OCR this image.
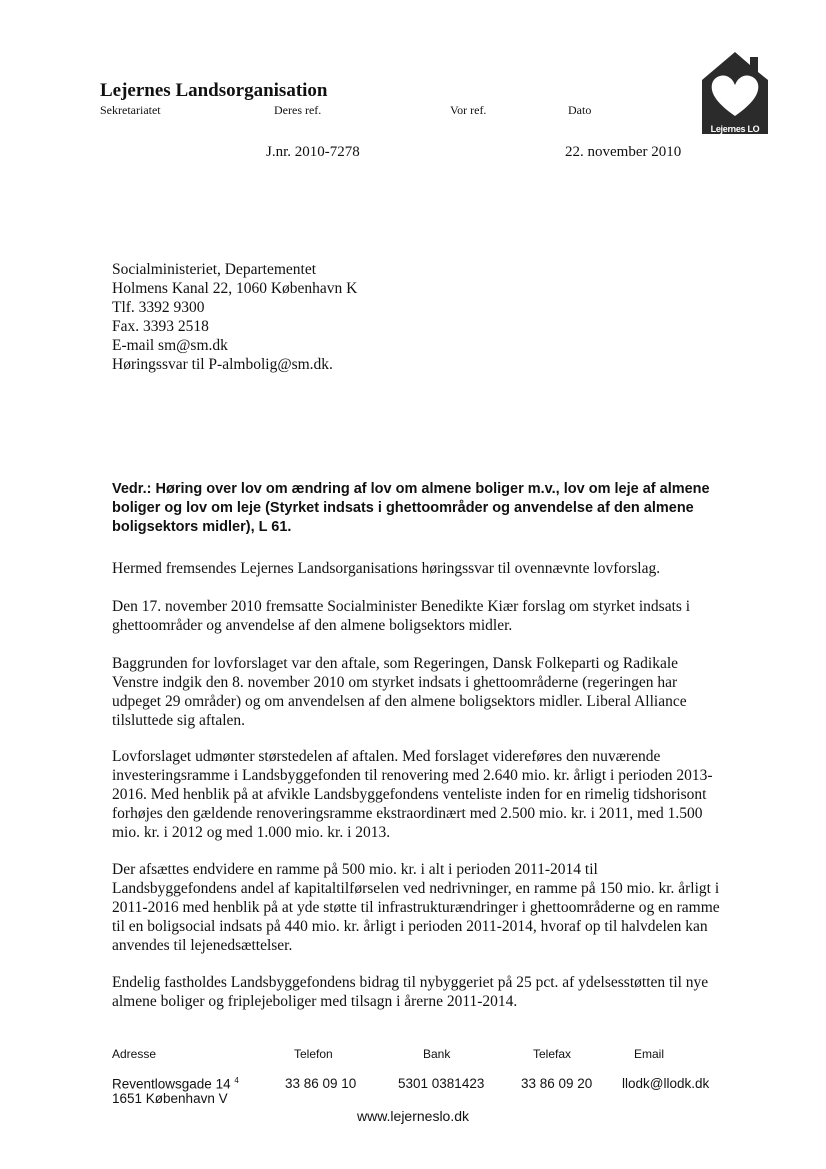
Lejernes Landsorganisation
Sekretariatet	Deres ref.	Vor ref.	Dato
J.nr. 2010-7278	22. november 2010
Lejernes LO
Socialministeriet, Departementet
Holmens Kanal 22, 1060 København K
Tlf. 3392 9300
Fax. 3393 2518
E-mail sm@sm.dk
Høringssvar til P-almbolig@sm.dk.
Vedr.: Høring over lov om ændring af lov om almene boliger m.v., lov om leje af almene boliger og lov om leje (Styrket indsats i ghettoområder og anvendelse af den almene boligsektors midler), L 61.
Hermed fremsendes Lejernes Landsorganisations høringssvar til ovennævnte lovforslag.
Den 17. november 2010 fremsatte Socialminister Benedikte Kiær forslag om styrket indsats i ghettoområder og anvendelse af den almene boligsektors midler.
Baggrunden for lovforslaget var den aftale, som Regeringen, Dansk Folkeparti og Radikale Venstre indgik den 8. november 2010 om styrket indsats i ghettoområderne (regeringen har udpeget 29 områder) og om anvendelsen af den almene boligsektors midler. Liberal Alliance tilsluttede sig aftalen.
Lovforslaget udmønter størstedelen af aftalen. Med forslaget videreføres den nuværende investeringsramme i Landsbyggefonden til renovering med 2.640 mio. kr. årligt i perioden 2013-2016. Med henblik på at afvikle Landsbyggefondens venteliste inden for en rimelig tidshorisont forhøjes den gældende renoveringsramme ekstraordinært med 2.500 mio. kr. i 2011, med 1.500 mio. kr. i 2012 og med 1.000 mio. kr. i 2013.
Der afsættes endvidere en ramme på 500 mio. kr. i alt i perioden 2011-2014 til Landsbyggefondens andel af kapitaltilførselen ved nedrivninger, en ramme på 150 mio. kr. årligt i 2011-2016 med henblik på at yde støtte til infrastrukturændringer i ghettoområderne og en ramme til en boligsocial indsats på 440 mio. kr. årligt i perioden 2011-2014, hvoraf op til halvdelen kan anvendes til lejenedsættelser.
Endelig fastholdes Landsbyggefondens bidrag til nybyggeriet på 25 pct. af ydelsesstøtten til nye almene boliger og friplejeboliger med tilsagn i årerne 2011-2014.
Adresse	Telefon	Bank	Telefax	Email
Reventlowsgade 14 $^4$
1651 København V
33 86 09 10	5301 0381423	33 86 09 20 llodk@llodk.dk
www.lejerneslo.dk
